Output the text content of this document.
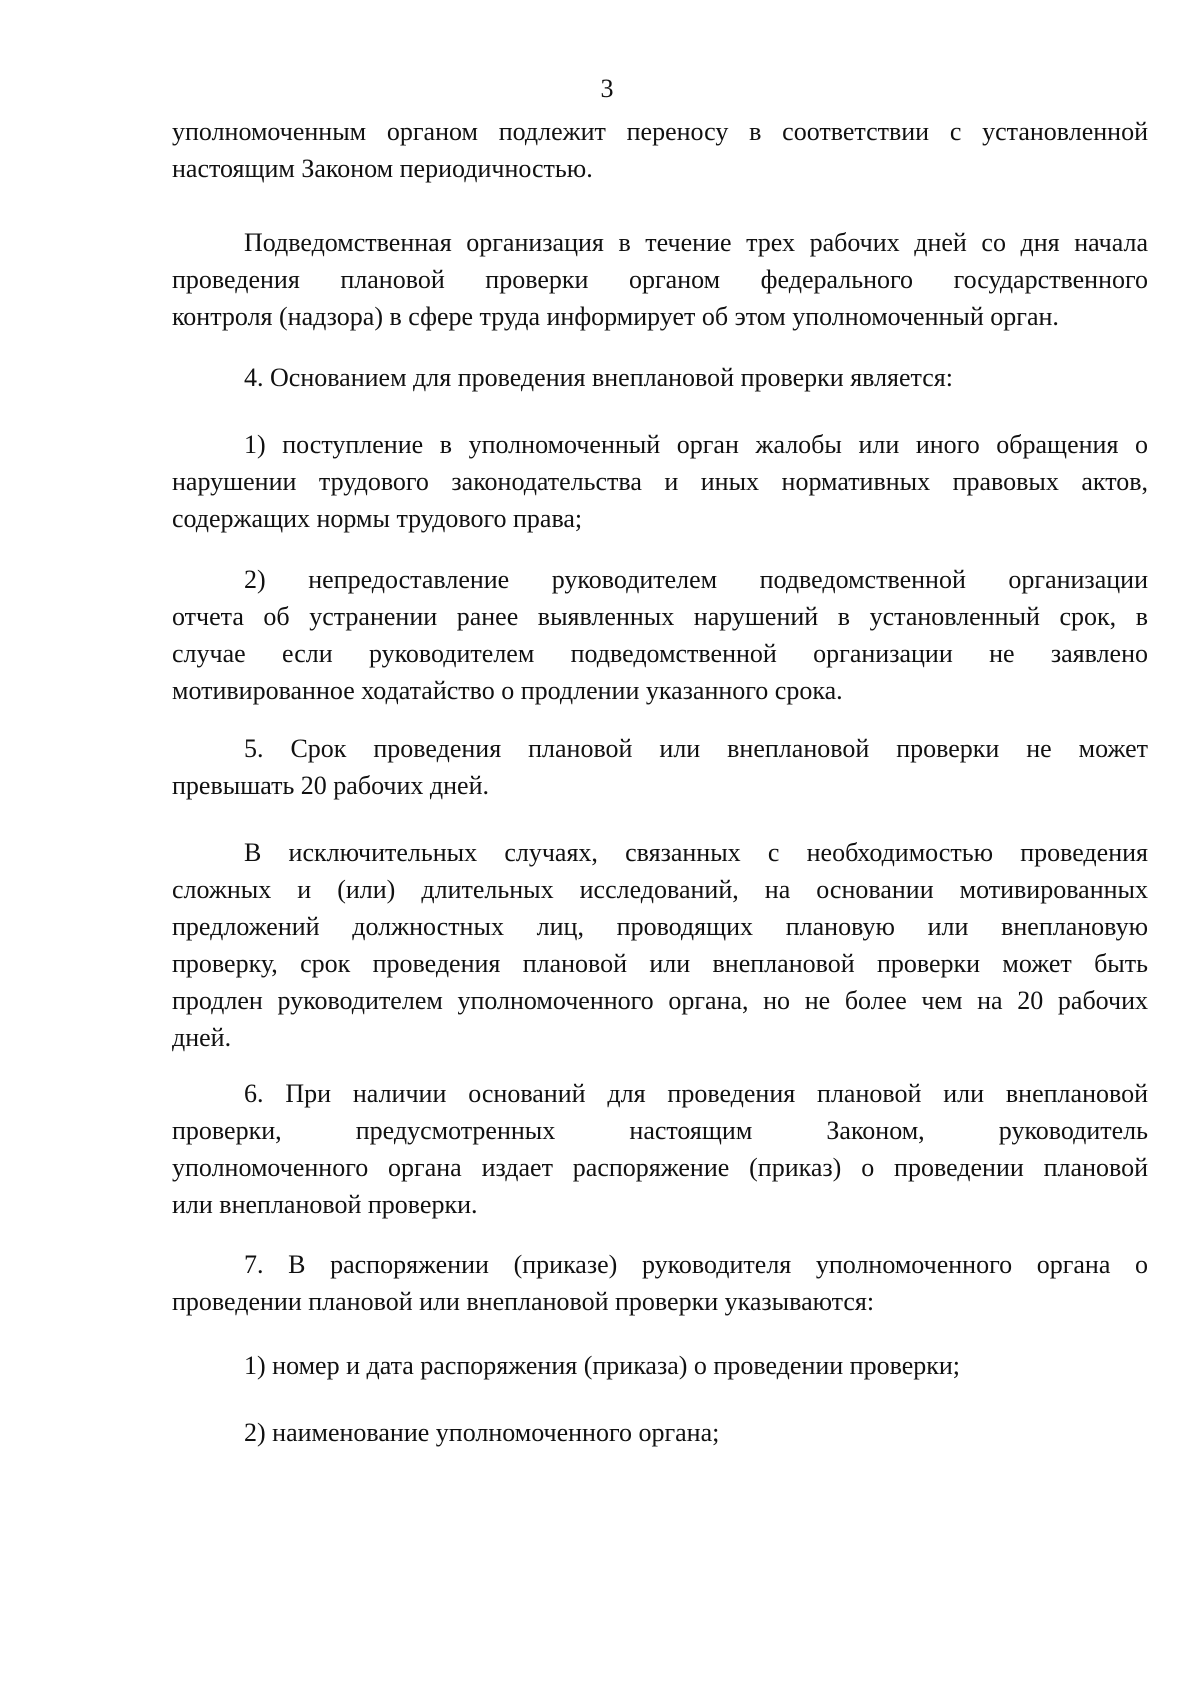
3
уполномоченным органом подлежит переносу в соответствии с установленной
настоящим Законом периодичностью.
Подведомственная организация в течение трех рабочих дней со дня начала
проведения плановой проверки органом федерального государственного
контроля (надзора) в сфере труда информирует об этом уполномоченный орган.
4. Основанием для проведения внеплановой проверки является:
1) поступление в уполномоченный орган жалобы или иного обращения о
нарушении трудового законодательства и иных нормативных правовых актов,
содержащих нормы трудового права;
2) непредоставление руководителем подведомственной организации
отчета об устранении ранее выявленных нарушений в установленный срок, в
случае если руководителем подведомственной организации не заявлено
мотивированное ходатайство о продлении указанного срока.
5. Срок проведения плановой или внеплановой проверки не может
превышать 20 рабочих дней.
В исключительных случаях, связанных с необходимостью проведения
сложных и (или) длительных исследований, на основании мотивированных
предложений должностных лиц, проводящих плановую или внеплановую
проверку, срок проведения плановой или внеплановой проверки может быть
продлен руководителем уполномоченного органа, но не более чем на 20 рабочих
дней.
6. При наличии оснований для проведения плановой или внеплановой
проверки, предусмотренных настоящим Законом, руководитель
уполномоченного органа издает распоряжение (приказ) о проведении плановой
или внеплановой проверки.
7. В распоряжении (приказе) руководителя уполномоченного органа о
проведении плановой или внеплановой проверки указываются:
1) номер и дата распоряжения (приказа) о проведении проверки;
2) наименование уполномоченного органа;
